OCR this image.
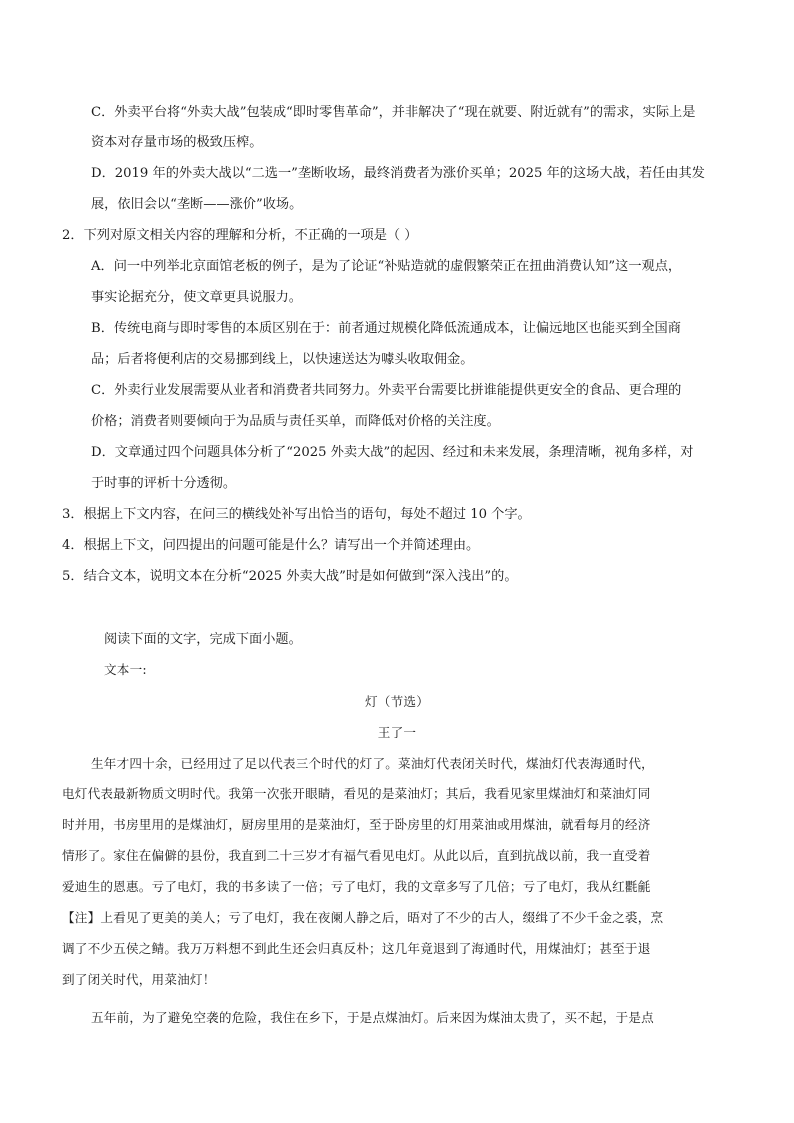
C．外卖平台将“外卖大战”包装成“即时零售革命”，并非解决了“现在就要、附近就有”的需求，实际上是
资本对存量市场的极致压榨。
D．2019 年的外卖大战以“二选一”垄断收场，最终消费者为涨价买单；2025 年的这场大战，若任由其发
展，依旧会以“垄断——涨价”收场。
2．下列对原文相关内容的理解和分析，不正确的一项是（ ）
A．问一中列举北京面馆老板的例子，是为了论证“补贴造就的虚假繁荣正在扭曲消费认知”这一观点，
事实论据充分，使文章更具说服力。
B．传统电商与即时零售的本质区别在于：前者通过规模化降低流通成本，让偏远地区也能买到全国商
品；后者将便利店的交易挪到线上，以快速送达为噱头收取佣金。
C．外卖行业发展需要从业者和消费者共同努力。外卖平台需要比拼谁能提供更安全的食品、更合理的
价格；消费者则要倾向于为品质与责任买单，而降低对价格的关注度。
D．文章通过四个问题具体分析了“2025 外卖大战”的起因、经过和未来发展，条理清晰，视角多样，对
于时事的评析十分透彻。
3．根据上下文内容，在问三的横线处补写出恰当的语句，每处不超过 10 个字。
4．根据上下文，问四提出的问题可能是什么？请写出一个并简述理由。
5．结合文本，说明文本在分析“2025 外卖大战”时是如何做到“深入浅出”的。
阅读下面的文字，完成下面小题。
文本一:
灯（节选）
王了一
生年才四十余，已经用过了足以代表三个时代的灯了。菜油灯代表闭关时代，煤油灯代表海通时代，
电灯代表最新物质文明时代。我第一次张开眼睛，看见的是菜油灯；其后，我看见家里煤油灯和菜油灯同
时并用，书房里用的是煤油灯，厨房里用的是菜油灯，至于卧房里的灯用菜油或用煤油，就看每月的经济
情形了。家住在偏僻的县份，我直到二十三岁才有福气看见电灯。从此以后，直到抗战以前，我一直受着
爱迪生的恩惠。亏了电灯，我的书多读了一倍；亏了电灯，我的文章多写了几倍；亏了电灯，我从红氍毹
【注】上看见了更美的美人；亏了电灯，我在夜阑人静之后，晤对了不少的古人，缀缉了不少千金之裘，烹
调了不少五侯之鲭。我万万料想不到此生还会归真反朴；这几年竟退到了海通时代，用煤油灯；甚至于退
到了闭关时代，用菜油灯！
五年前，为了避免空袭的危险，我住在乡下，于是点煤油灯。后来因为煤油太贵了，买不起，于是点
